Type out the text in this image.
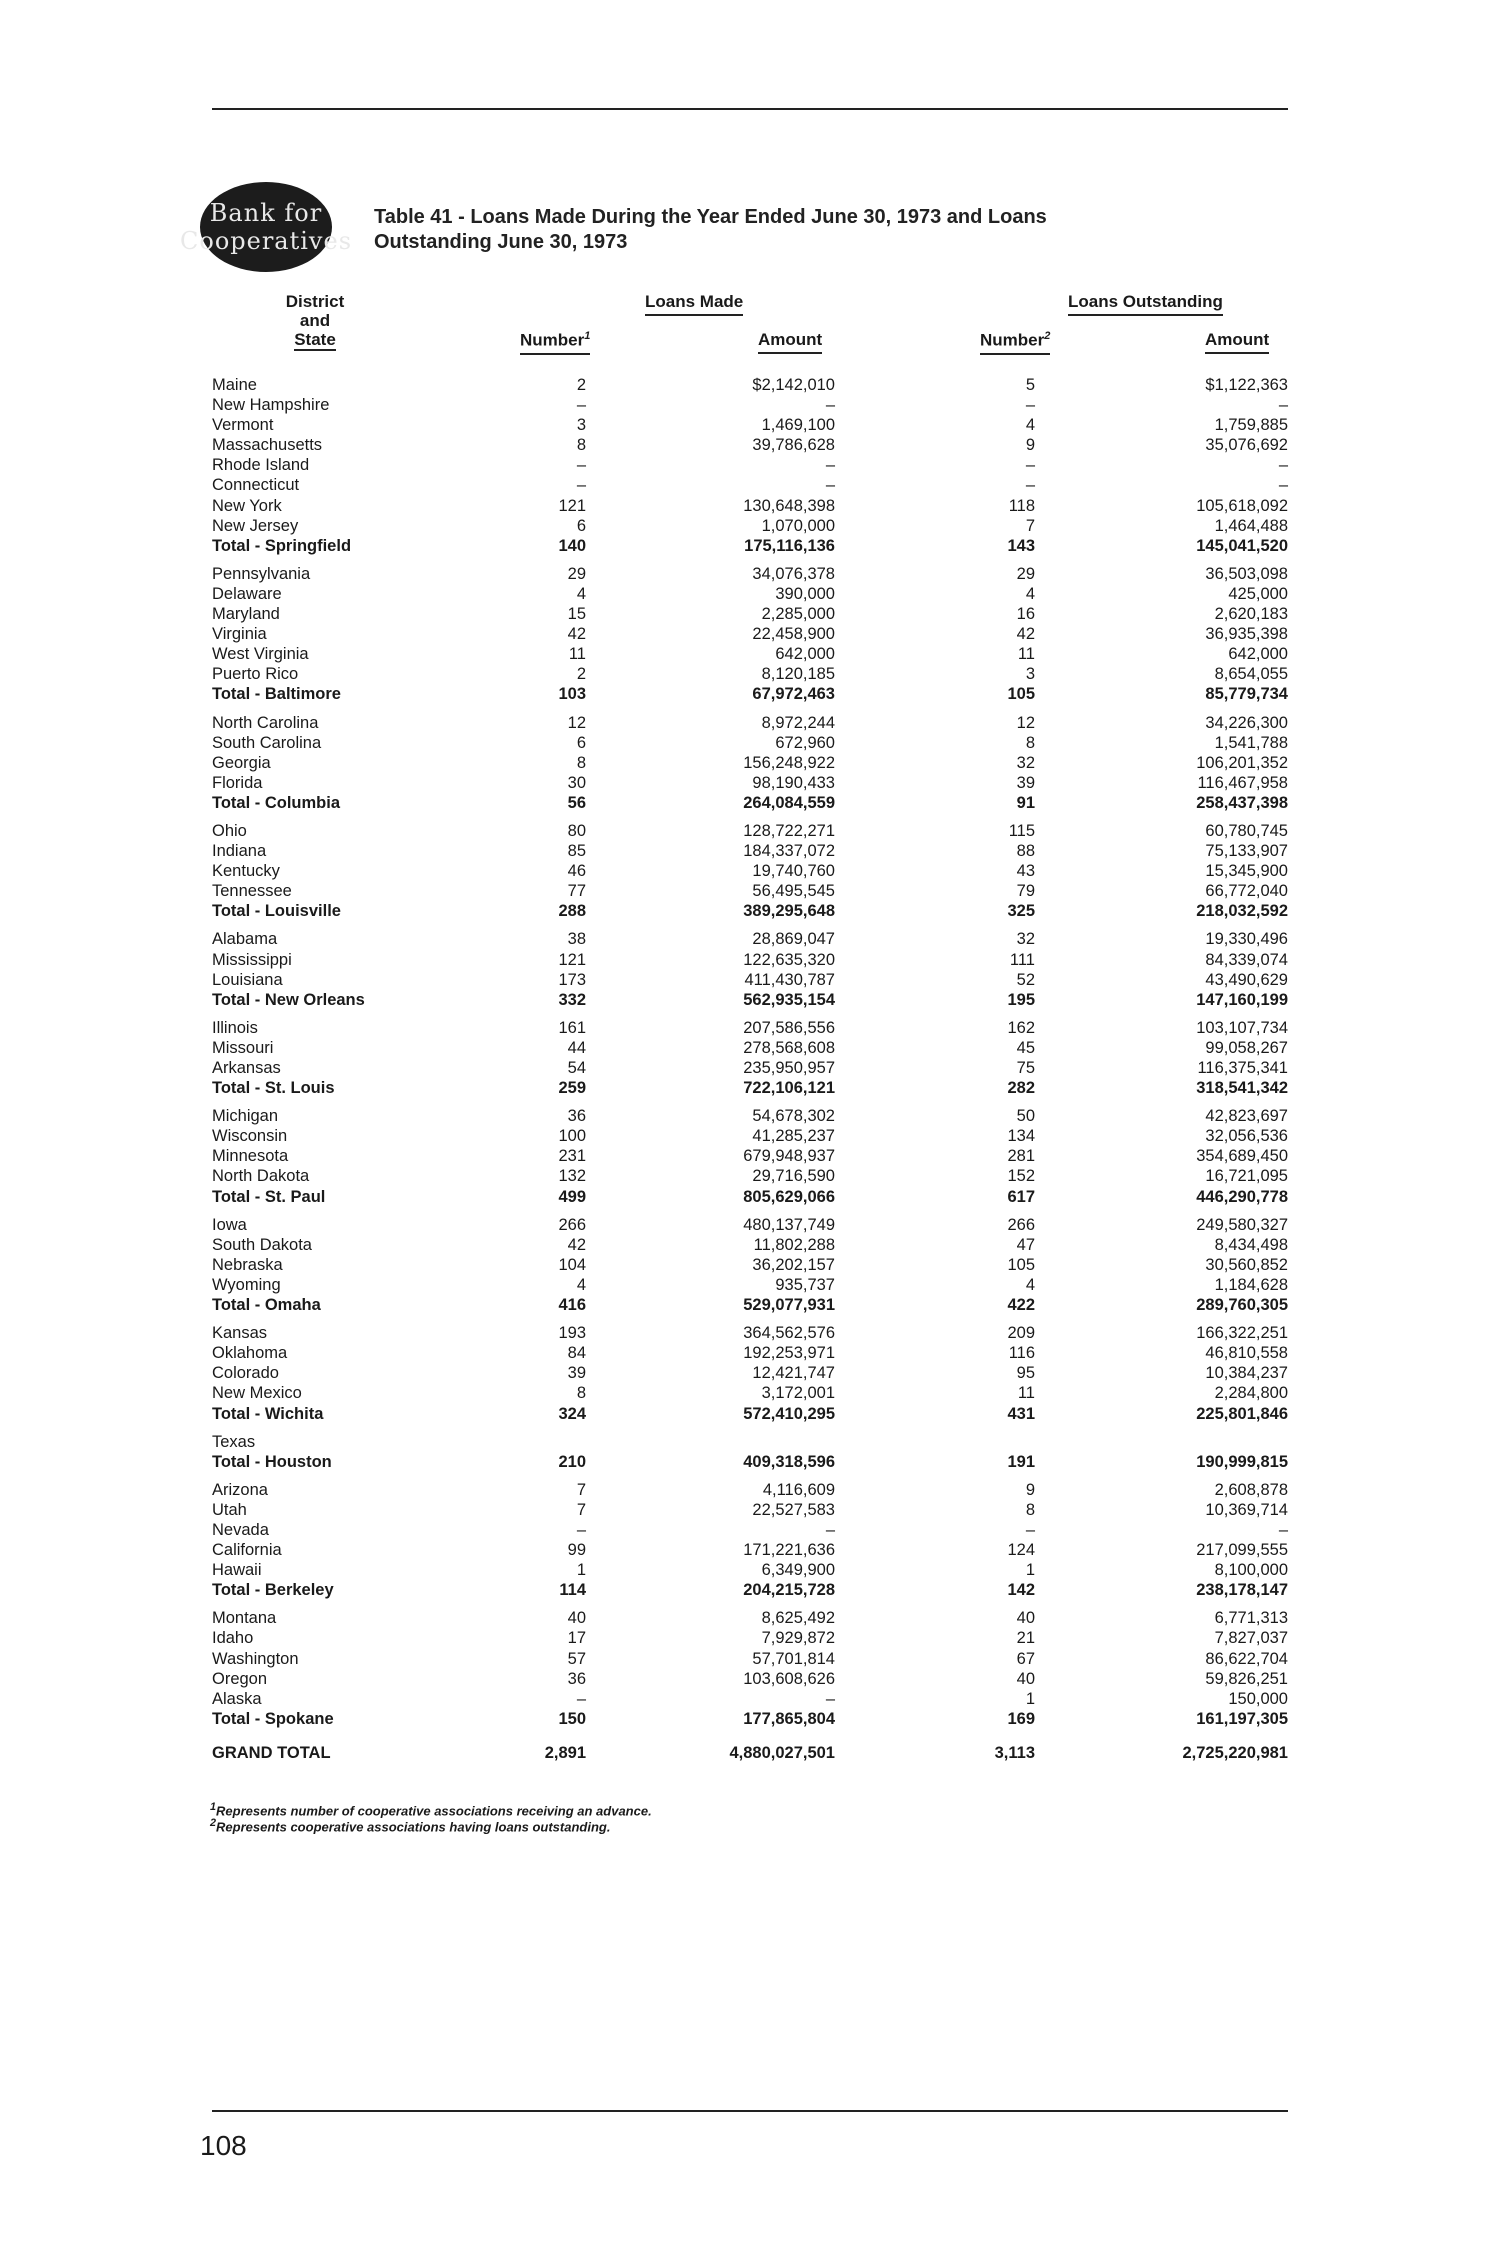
Bank for
Cooperatives
Table 41 - Loans Made During the Year Ended June 30, 1973 and Loans Outstanding June 30, 1973
District
and
State
Loans Made	Loans Outstanding
Number$^1$	Amount	Number$^2$	Amount
Maine	2	$2,142,010	5	$1,122,363
New Hampshire	–	–	–	–
Vermont	3	1,469,100	4	1,759,885
Massachusetts	8	39,786,628	9	35,076,692
Rhode Island	–	–	–	–
Connecticut	–	–	–	–
New York	121	130,648,398	118	105,618,092
New Jersey	6	1,070,000	7	1,464,488
Total - Springfield	140	175,116,136	143	145,041,520
Pennsylvania	29	34,076,378	29	36,503,098
Delaware	4	390,000	4	425,000
Maryland	15	2,285,000	16	2,620,183
Virginia	42	22,458,900	42	36,935,398
West Virginia	11	642,000	11	642,000
Puerto Rico	2	8,120,185	3	8,654,055
Total - Baltimore	103	67,972,463	105	85,779,734
North Carolina	12	8,972,244	12	34,226,300
South Carolina	6	672,960	8	1,541,788
Georgia	8	156,248,922	32	106,201,352
Florida	30	98,190,433	39	116,467,958
Total - Columbia	56	264,084,559	91	258,437,398
Ohio	80	128,722,271	115	60,780,745
Indiana	85	184,337,072	88	75,133,907
Kentucky	46	19,740,760	43	15,345,900
Tennessee	77	56,495,545	79	66,772,040
Total - Louisville	288	389,295,648	325	218,032,592
Alabama	38	28,869,047	32	19,330,496
Mississippi	121	122,635,320	111	84,339,074
Louisiana	173	411,430,787	52	43,490,629
Total - New Orleans	332	562,935,154	195	147,160,199
Illinois	161	207,586,556	162	103,107,734
Missouri	44	278,568,608	45	99,058,267
Arkansas	54	235,950,957	75	116,375,341
Total - St. Louis	259	722,106,121	282	318,541,342
Michigan	36	54,678,302	50	42,823,697
Wisconsin	100	41,285,237	134	32,056,536
Minnesota	231	679,948,937	281	354,689,450
North Dakota	132	29,716,590	152	16,721,095
Total - St. Paul	499	805,629,066	617	446,290,778
Iowa	266	480,137,749	266	249,580,327
South Dakota	42	11,802,288	47	8,434,498
Nebraska	104	36,202,157	105	30,560,852
Wyoming	4	935,737	4	1,184,628
Total - Omaha	416	529,077,931	422	289,760,305
Kansas	193	364,562,576	209	166,322,251
Oklahoma	84	192,253,971	116	46,810,558
Colorado	39	12,421,747	95	10,384,237
New Mexico	8	3,172,001	11	2,284,800
Total - Wichita	324	572,410,295	431	225,801,846
Texas
Total - Houston	210	409,318,596	191	190,999,815
Arizona	7	4,116,609	9	2,608,878
Utah	7	22,527,583	8	10,369,714
Nevada	–	–	–	–
California	99	171,221,636	124	217,099,555
Hawaii	1	6,349,900	1	8,100,000
Total - Berkeley	114	204,215,728	142	238,178,147
Montana	40	8,625,492	40	6,771,313
Idaho	17	7,929,872	21	7,827,037
Washington	57	57,701,814	67	86,622,704
Oregon	36	103,608,626	40	59,826,251
Alaska	–	–	1	150,000
Total - Spokane	150	177,865,804	169	161,197,305
GRAND TOTAL	2,891	4,880,027,501	3,113	2,725,220,981
$^1$Represents number of cooperative associations receiving an advance.
$^2$Represents cooperative associations having loans outstanding.
108
